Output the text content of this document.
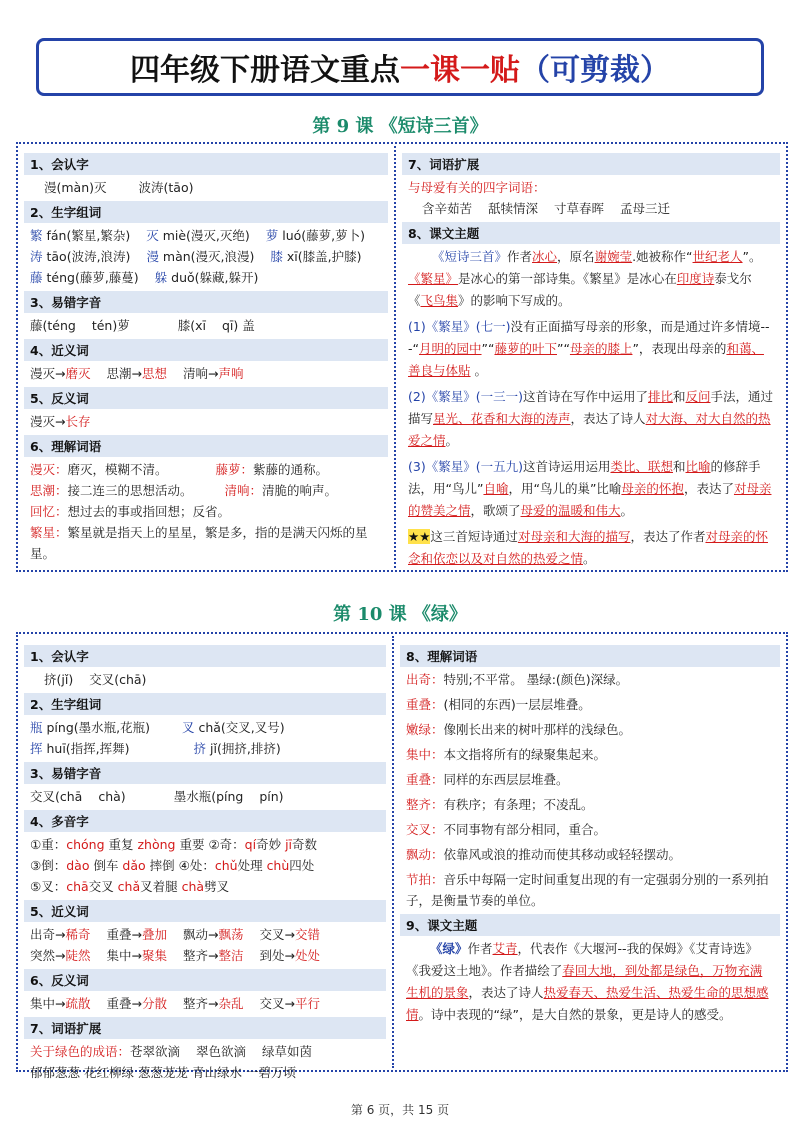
四年级下册语文重点 一课一贴 （可剪裁）
第 9 课 《短诗三首》
1、会认字
漫(màn)灭	波涛(tāo)
2、生字组词
繁 fán(繁星,繁杂) 灭 miè(漫灭,灭绝) 萝 luó(藤萝,萝卜)
涛 tāo(波涛,浪涛) 漫 màn(漫灭,浪漫) 膝 xī(膝盖,护膝)
藤 téng(藤萝,藤蔓) 躲 duǒ(躲藏,躲开)
3、易错字音
藤(téng tén)萝	膝(xī qī) 盖
4、近义词
漫灭→磨灭 思潮→思想 清响→声响
5、反义词
漫灭→长存
6、理解词语
漫灭：磨灭，模糊不清。	藤萝：紫藤的通称。
思潮：接二连三的思想活动。	清响：清脆的响声。
回忆：想过去的事或指回想；反省。
繁星：繁星就是指天上的星星，繁是多，指的是满天闪烁的星星。
7、词语扩展
与母爱有关的四字词语：
含辛茹苦 舐犊情深 寸草春晖 孟母三迁
8、课文主题
《短诗三首》作者冰心，原名谢婉莹.她被称作“世纪老人”。《繁星》是冰心的第一部诗集。《繁星》是冰心在印度诗泰戈尔《飞鸟集》的影响下写成的。
(1)《繁星》(七一)没有正面描写母亲的形象，而是通过许多情境---“月明的园中”“藤萝的叶下”“母亲的膝上”，表现出母亲的和蔼、善良与体贴 。
(2)《繁星》(一三一)这首诗在写作中运用了排比和反问手法，通过描写星光、花香和大海的涛声，表达了诗人对大海、对大自然的热爱之情。
(3)《繁星》(一五九)这首诗运用运用类比、联想和比喻的修辞手法，用“鸟儿”自喻，用“鸟儿的巢”比喻母亲的怀抱，表达了对母亲的赞美之情，歌颂了母爱的温暖和伟大。
★★这三首短诗通过对母亲和大海的描写，表达了作者对母亲的怀念和依恋以及对自然的热爱之情。
第 10 课 《绿》
1、会认字
挤(jǐ) 交叉(chā)
2、生字组词
瓶 píng(墨水瓶,花瓶)	叉 chǎ(交叉,叉号)
挥 huī(指挥,挥舞)	挤 jǐ(拥挤,排挤)
3、易错字音
交叉(chā chà)	墨水瓶(píng pín)
4、多音字
①重：chóng 重复 zhòng 重要 ②奇：qí奇妙 jī奇数
③倒：dào 倒车 dǎo 摔倒 ④处：chǔ处理 chù四处
⑤叉：chā交叉 chǎ叉着腿 chà劈叉
5、近义词
出奇→稀奇 重叠→叠加 飘动→飘荡 交叉→交错
突然→陡然 集中→聚集 整齐→整洁 到处→处处
6、反义词
集中→疏散 重叠→分散 整齐→杂乱 交叉→平行
7、词语扩展
关于绿色的成语：苍翠欲滴 翠色欲滴 绿草如茵
郁郁葱葱 花红柳绿 葱葱茏茏 青山绿水 一碧万顷
8、理解词语
出奇：特别;不平常。 墨绿:(颜色)深绿。
重叠：(相同的东西)一层层堆叠。
嫩绿：像刚长出来的树叶那样的浅绿色。
集中：本文指将所有的绿聚集起来。
重叠：同样的东西层层堆叠。
整齐：有秩序；有条理；不凌乱。
交叉：不同事物有部分相同，重合。
飘动：依靠风或浪的推动而使其移动或轻轻摆动。
节拍：音乐中每隔一定时间重复出现的有一定强弱分别的一系列拍子，是衡量节奏的单位。
9、课文主题
《绿》作者艾青，代表作《大堰河--我的保姆》《艾青诗选》《我爱这土地》。作者描绘了春回大地，到处都是绿色，万物充满生机的景象，表达了诗人热爱春天、热爱生活、热爱生命的思想感情。诗中表现的“绿”，是大自然的景象，更是诗人的感受。
第 6 页，共 15 页
